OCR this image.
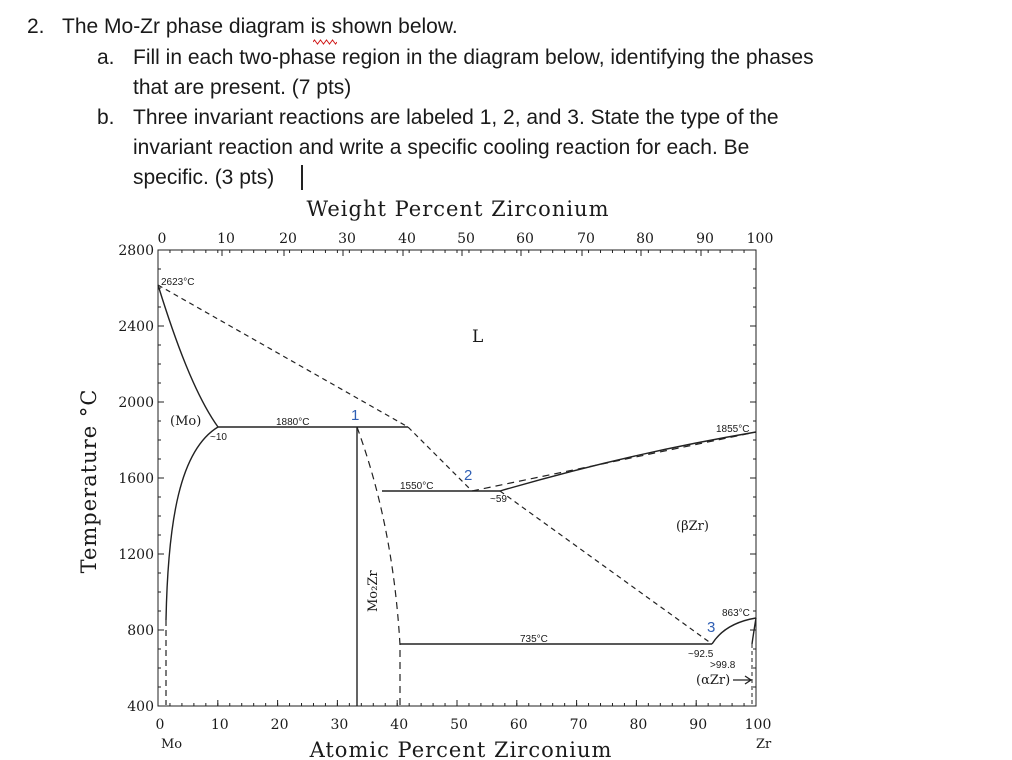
2. The Mo-Zr phase diagram is shown below.
a. Fill in each two-phase region in the diagram below, identifying the phases
that are present. (7 pts)
b. Three invariant reactions are labeled 1, 2, and 3. State the type of the
invariant reaction and write a specific cooling reaction for each. Be
specific. (3 pts)
Weight Percent Zirconium
Atomic Percent Zirconium
Temperature °C
0	10	20	30	40	50	60	70	80	90 100
0	10	20	30	40	50	60	70	80	90	100
2800
2400
2000
1600
1200
800
400
Mo	Zr
L
(Mo)
Mo₂Zr
(βZr)
(αZr)
2623°C
1880°C
1550°C
735°C
1855°C
863°C
~10
~59
~92.5
>99.8
1
2
3
